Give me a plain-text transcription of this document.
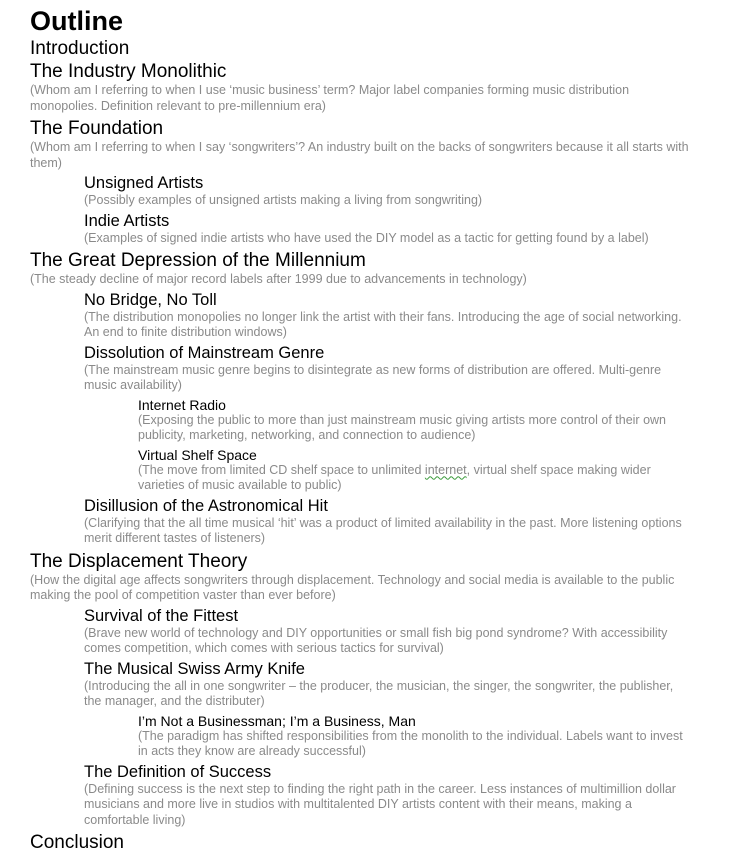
Outline
Introduction
The Industry Monolithic
(Whom am I referring to when I use ‘music business’ term? Major label companies forming music distribution monopolies. Definition relevant to pre-millennium era)
The Foundation
(Whom am I referring to when I say ‘songwriters’? An industry built on the backs of songwriters because it all starts with them)
Unsigned Artists
(Possibly examples of unsigned artists making a living from songwriting)
Indie Artists
(Examples of signed indie artists who have used the DIY model as a tactic for getting found by a label)
The Great Depression of the Millennium
(The steady decline of major record labels after 1999 due to advancements in technology)
No Bridge, No Toll
(The distribution monopolies no longer link the artist with their fans. Introducing the age of social networking. An end to finite distribution windows)
Dissolution of Mainstream Genre
(The mainstream music genre begins to disintegrate as new forms of distribution are offered. Multi-genre music availability)
Internet Radio
(Exposing the public to more than just mainstream music giving artists more control of their own publicity, marketing, networking, and connection to audience)
Virtual Shelf Space
(The move from limited CD shelf space to unlimited internet, virtual shelf space making wider varieties of music available to public)
Disillusion of the Astronomical Hit
(Clarifying that the all time musical ‘hit’ was a product of limited availability in the past. More listening options merit different tastes of listeners)
The Displacement Theory
(How the digital age affects songwriters through displacement. Technology and social media is available to the public making the pool of competition vaster than ever before)
Survival of the Fittest
(Brave new world of technology and DIY opportunities or small fish big pond syndrome? With accessibility comes competition, which comes with serious tactics for survival)
The Musical Swiss Army Knife
(Introducing the all in one songwriter – the producer, the musician, the singer, the songwriter, the publisher, the manager, and the distributer)
I’m Not a Businessman; I’m a Business, Man
(The paradigm has shifted responsibilities from the monolith to the individual. Labels want to invest in acts they know are already successful)
The Definition of Success
(Defining success is the next step to finding the right path in the career. Less instances of multimillion dollar musicians and more live in studios with multitalented DIY artists content with their means, making a comfortable living)
Conclusion
